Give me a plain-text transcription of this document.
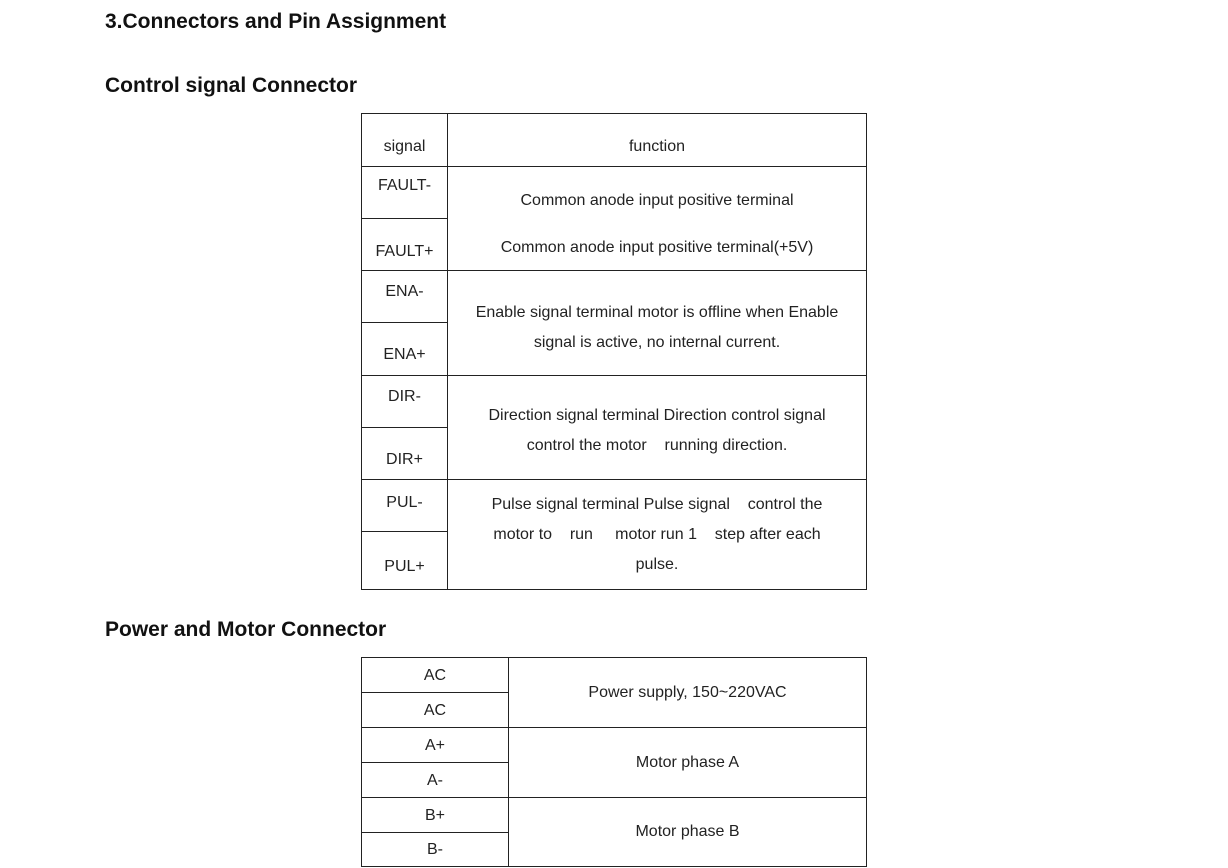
3.Connectors and Pin Assignment
Control signal Connector
signal	function
FAULT-
FAULT+
Common anode input positive terminal
Common anode input positive terminal(+5V)
ENA-
ENA+
Enable signal terminal motor is offline when Enable
signal is active, no internal current.
DIR-
DIR+
Direction signal terminal Direction control signal
control the motor    running direction.
PUL-
PUL+
Pulse signal terminal Pulse signal    control the
motor to    run     motor run 1    step after each
pulse.
Power and Motor Connector
AC
AC
Power supply, 150~220VAC
A+
A-
Motor phase A
B+
B-
Motor phase B
